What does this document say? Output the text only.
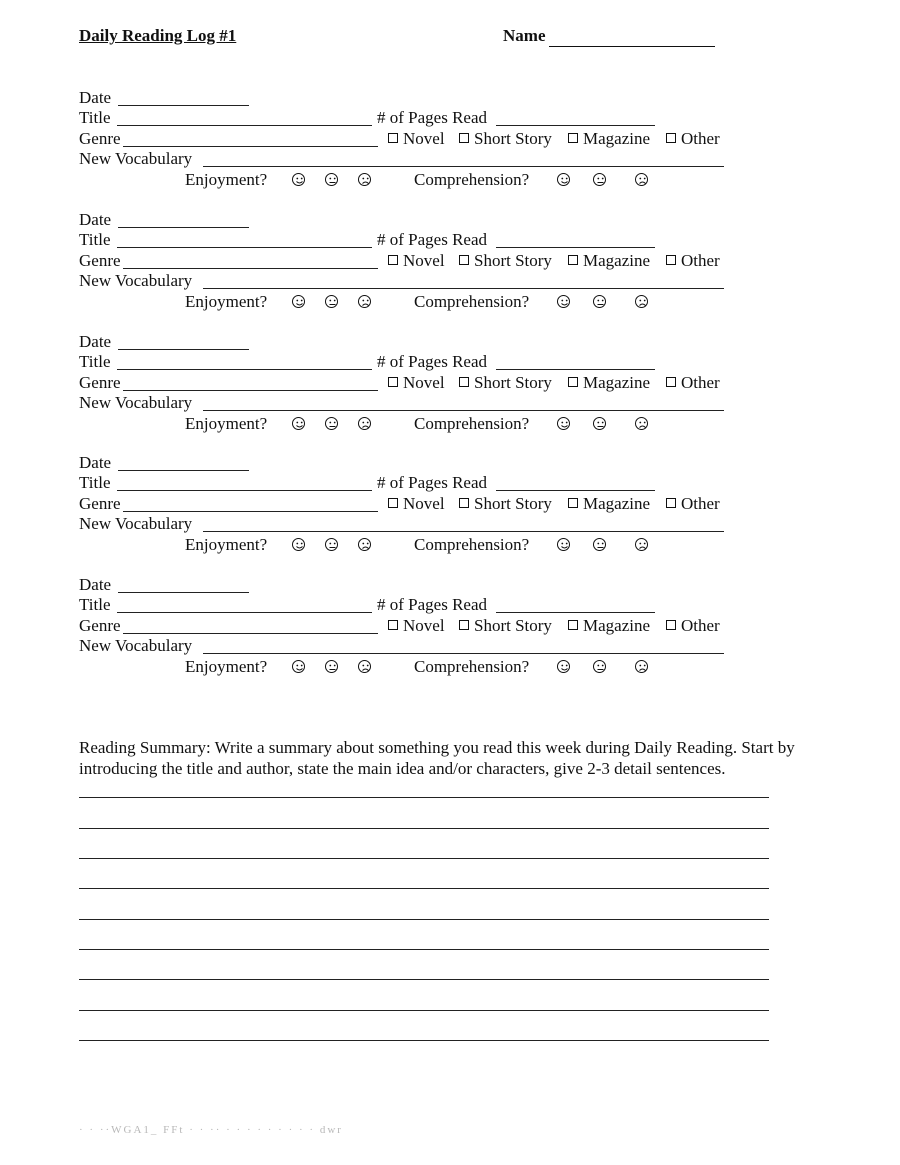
Daily Reading Log #1	Name
Date
Title	# of Pages Read
Genre	Novel	Short Story	Magazine	Other
New Vocabulary
Enjoyment?	Comprehension?
Date
Title	# of Pages Read
Genre	Novel	Short Story	Magazine	Other
New Vocabulary
Enjoyment?	Comprehension?
Date
Title	# of Pages Read
Genre	Novel	Short Story	Magazine	Other
New Vocabulary
Enjoyment?	Comprehension?
Date
Title	# of Pages Read
Genre	Novel	Short Story	Magazine	Other
New Vocabulary
Enjoyment?	Comprehension?
Date
Title	# of Pages Read
Genre	Novel	Short Story	Magazine	Other
New Vocabulary
Enjoyment?	Comprehension?
Reading Summary: Write a summary about something you read this week during Daily Reading. Start by introducing the title and author, state the main idea and/or characters, give 2-3 detail sentences.
· · ··WGA1_ FFt · · ·· · · · · · · · · · dwr
